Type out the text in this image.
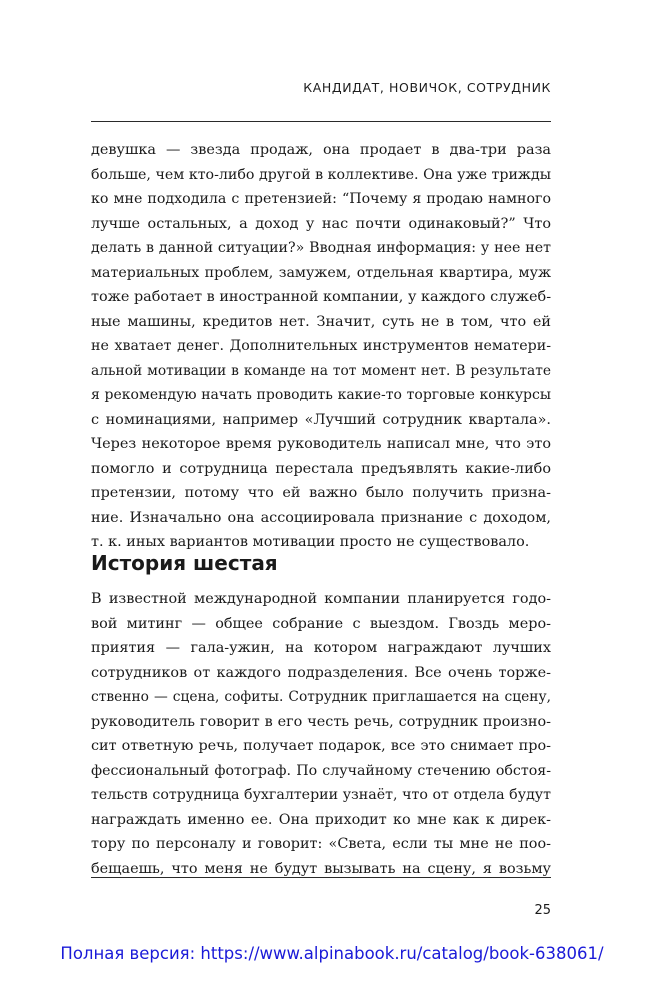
КАНДИДАТ, НОВИЧОК, СОТРУДНИК
девушка — звезда продаж, она продает в два-три раза
больше, чем кто-либо другой в коллективе. Она уже трижды
ко мне подходила с претензией: “Почему я продаю намного
лучше остальных, а доход у нас почти одинаковый?” Что
делать в данной ситуации?» Вводная информация: у нее нет
материальных проблем, замужем, отдельная квартира, муж
тоже работает в иностранной компании, у каждого служеб-
ные машины, кредитов нет. Значит, суть не в том, что ей
не хватает денег. Дополнительных инструментов нематери-
альной мотивации в команде на тот момент нет. В результате
я рекомендую начать проводить какие-то торговые конкурсы
с номинациями, например «Лучший сотрудник квартала».
Через некоторое время руководитель написал мне, что это
помогло и сотрудница перестала предъявлять какие-либо
претензии, потому что ей важно было получить призна-
ние. Изначально она ассоциировала признание с доходом,
т. к. иных вариантов мотивации просто не существовало.
История шестая
В известной международной компании планируется годо-
вой митинг — общее собрание с выездом. Гвоздь меро-
приятия — гала-ужин, на котором награждают лучших
сотрудников от каждого подразделения. Все очень торже-
ственно — сцена, софиты. Сотрудник приглашается на сцену,
руководитель говорит в его честь речь, сотрудник произно-
сит ответную речь, получает подарок, все это снимает про-
фессиональный фотограф. По случайному стечению обстоя-
тельств сотрудница бухгалтерии узнаёт, что от отдела будут
награждать именно ее. Она приходит ко мне как к дирек-
тору по персоналу и говорит: «Света, если ты мне не поо-
бещаешь, что меня не будут вызывать на сцену, я возьму
25
Полная версия: https://www.alpinabook.ru/catalog/book-638061/
